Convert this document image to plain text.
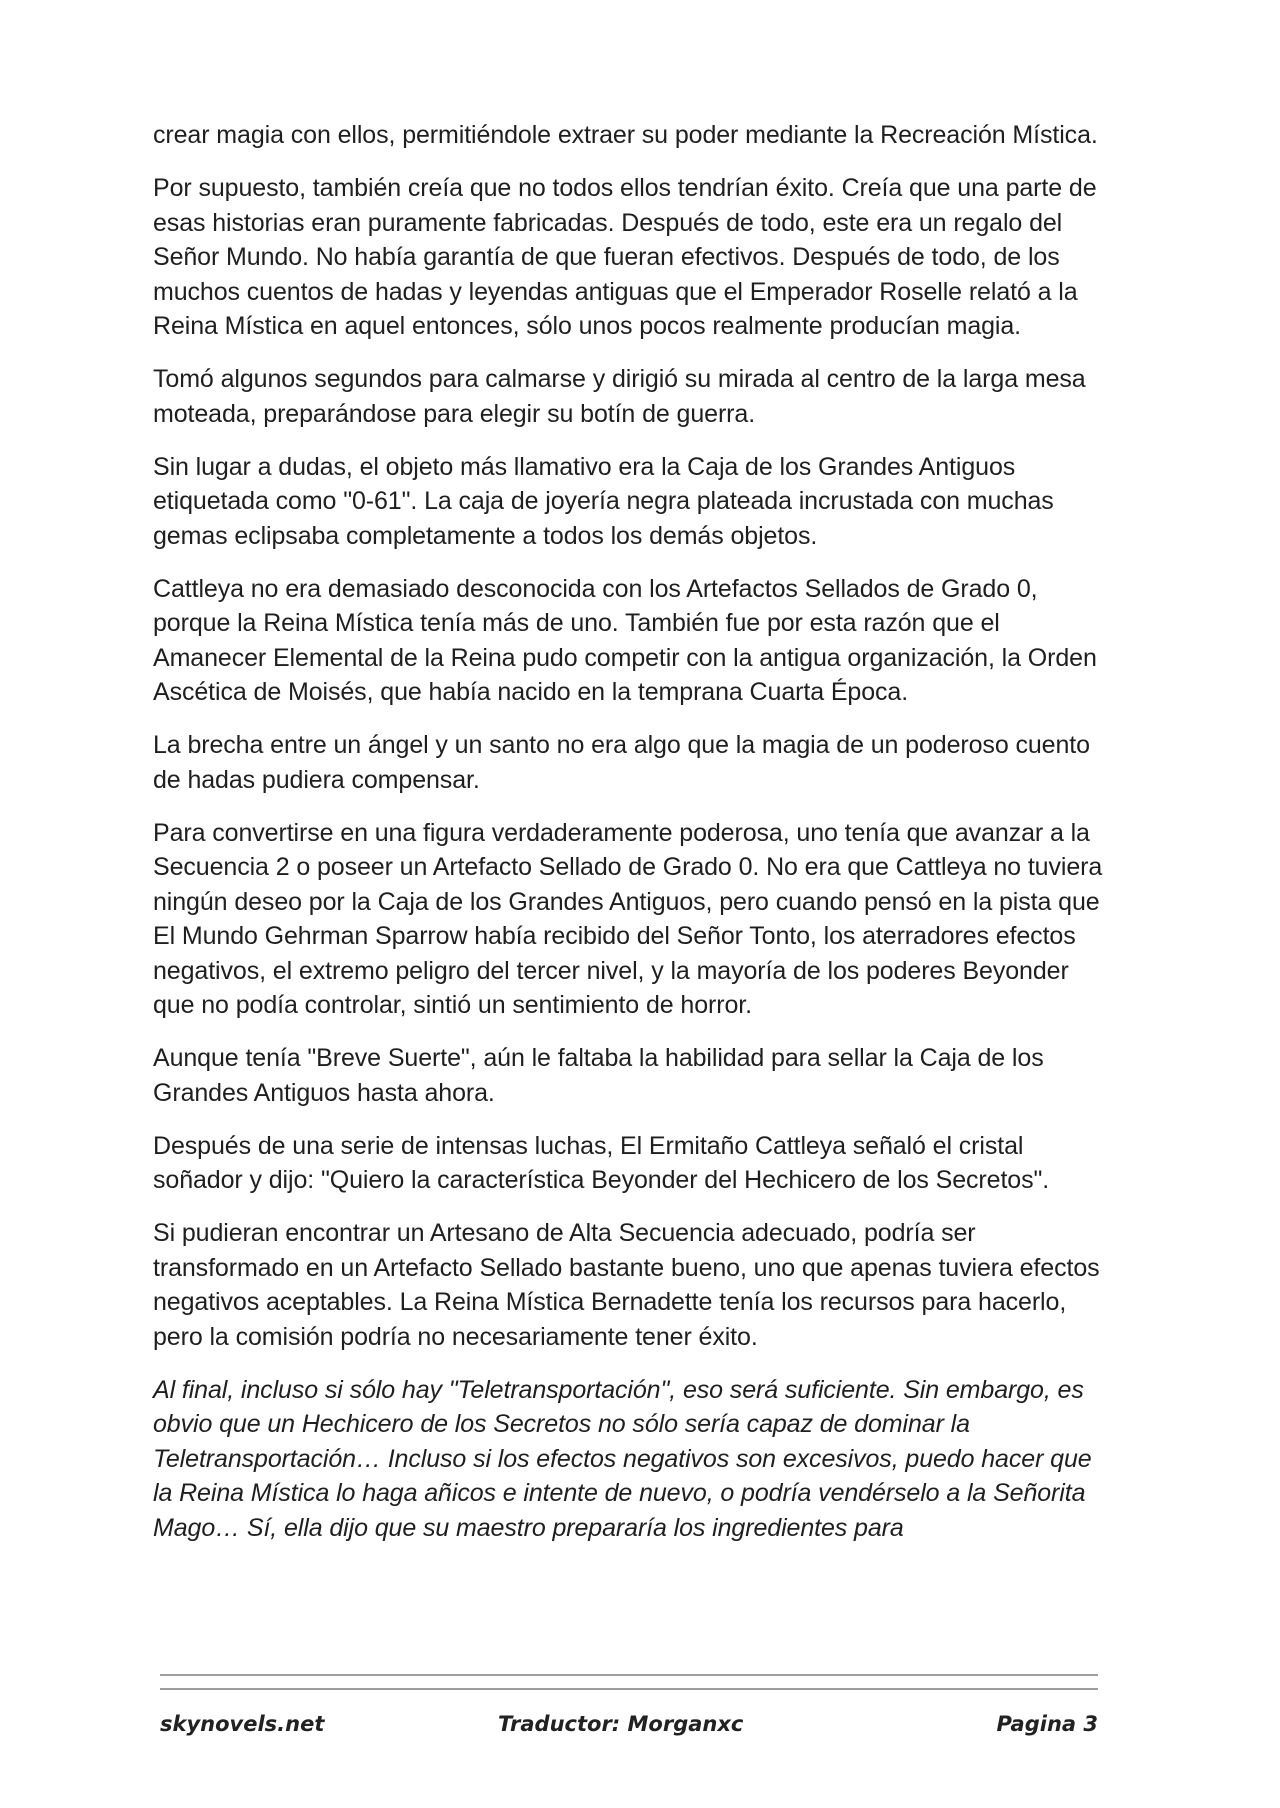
crear magia con ellos, permitiéndole extraer su poder mediante la Recreación Mística.

Por supuesto, también creía que no todos ellos tendrían éxito. Creía que una parte de esas historias eran puramente fabricadas. Después de todo, este era un regalo del Señor Mundo. No había garantía de que fueran efectivos. Después de todo, de los muchos cuentos de hadas y leyendas antiguas que el Emperador Roselle relató a la Reina Mística en aquel entonces, sólo unos pocos realmente producían magia.

Tomó algunos segundos para calmarse y dirigió su mirada al centro de la larga mesa moteada, preparándose para elegir su botín de guerra.

Sin lugar a dudas, el objeto más llamativo era la Caja de los Grandes Antiguos etiquetada como "0-61". La caja de joyería negra plateada incrustada con muchas gemas eclipsaba completamente a todos los demás objetos.

Cattleya no era demasiado desconocida con los Artefactos Sellados de Grado 0, porque la Reina Mística tenía más de uno. También fue por esta razón que el Amanecer Elemental de la Reina pudo competir con la antigua organización, la Orden Ascética de Moisés, que había nacido en la temprana Cuarta Época.

La brecha entre un ángel y un santo no era algo que la magia de un poderoso cuento de hadas pudiera compensar.

Para convertirse en una figura verdaderamente poderosa, uno tenía que avanzar a la Secuencia 2 o poseer un Artefacto Sellado de Grado 0. No era que Cattleya no tuviera ningún deseo por la Caja de los Grandes Antiguos, pero cuando pensó en la pista que El Mundo Gehrman Sparrow había recibido del Señor Tonto, los aterradores efectos negativos, el extremo peligro del tercer nivel, y la mayoría de los poderes Beyonder que no podía controlar, sintió un sentimiento de horror.

Aunque tenía "Breve Suerte", aún le faltaba la habilidad para sellar la Caja de los Grandes Antiguos hasta ahora.

Después de una serie de intensas luchas, El Ermitaño Cattleya señaló el cristal soñador y dijo: "Quiero la característica Beyonder del Hechicero de los Secretos".

Si pudieran encontrar un Artesano de Alta Secuencia adecuado, podría ser transformado en un Artefacto Sellado bastante bueno, uno que apenas tuviera efectos negativos aceptables. La Reina Mística Bernadette tenía los recursos para hacerlo, pero la comisión podría no necesariamente tener éxito.

Al final, incluso si sólo hay "Teletransportación", eso será suficiente. Sin embargo, es obvio que un Hechicero de los Secretos no sólo sería capaz de dominar la Teletransportación… Incluso si los efectos negativos son excesivos, puedo hacer que la Reina Mística lo haga añicos e intente de nuevo, o podría vendérselo a la Señorita Mago… Sí, ella dijo que su maestro prepararía los ingredientes para

skynovels.net	Traductor: Morganxc	Pagina 3
